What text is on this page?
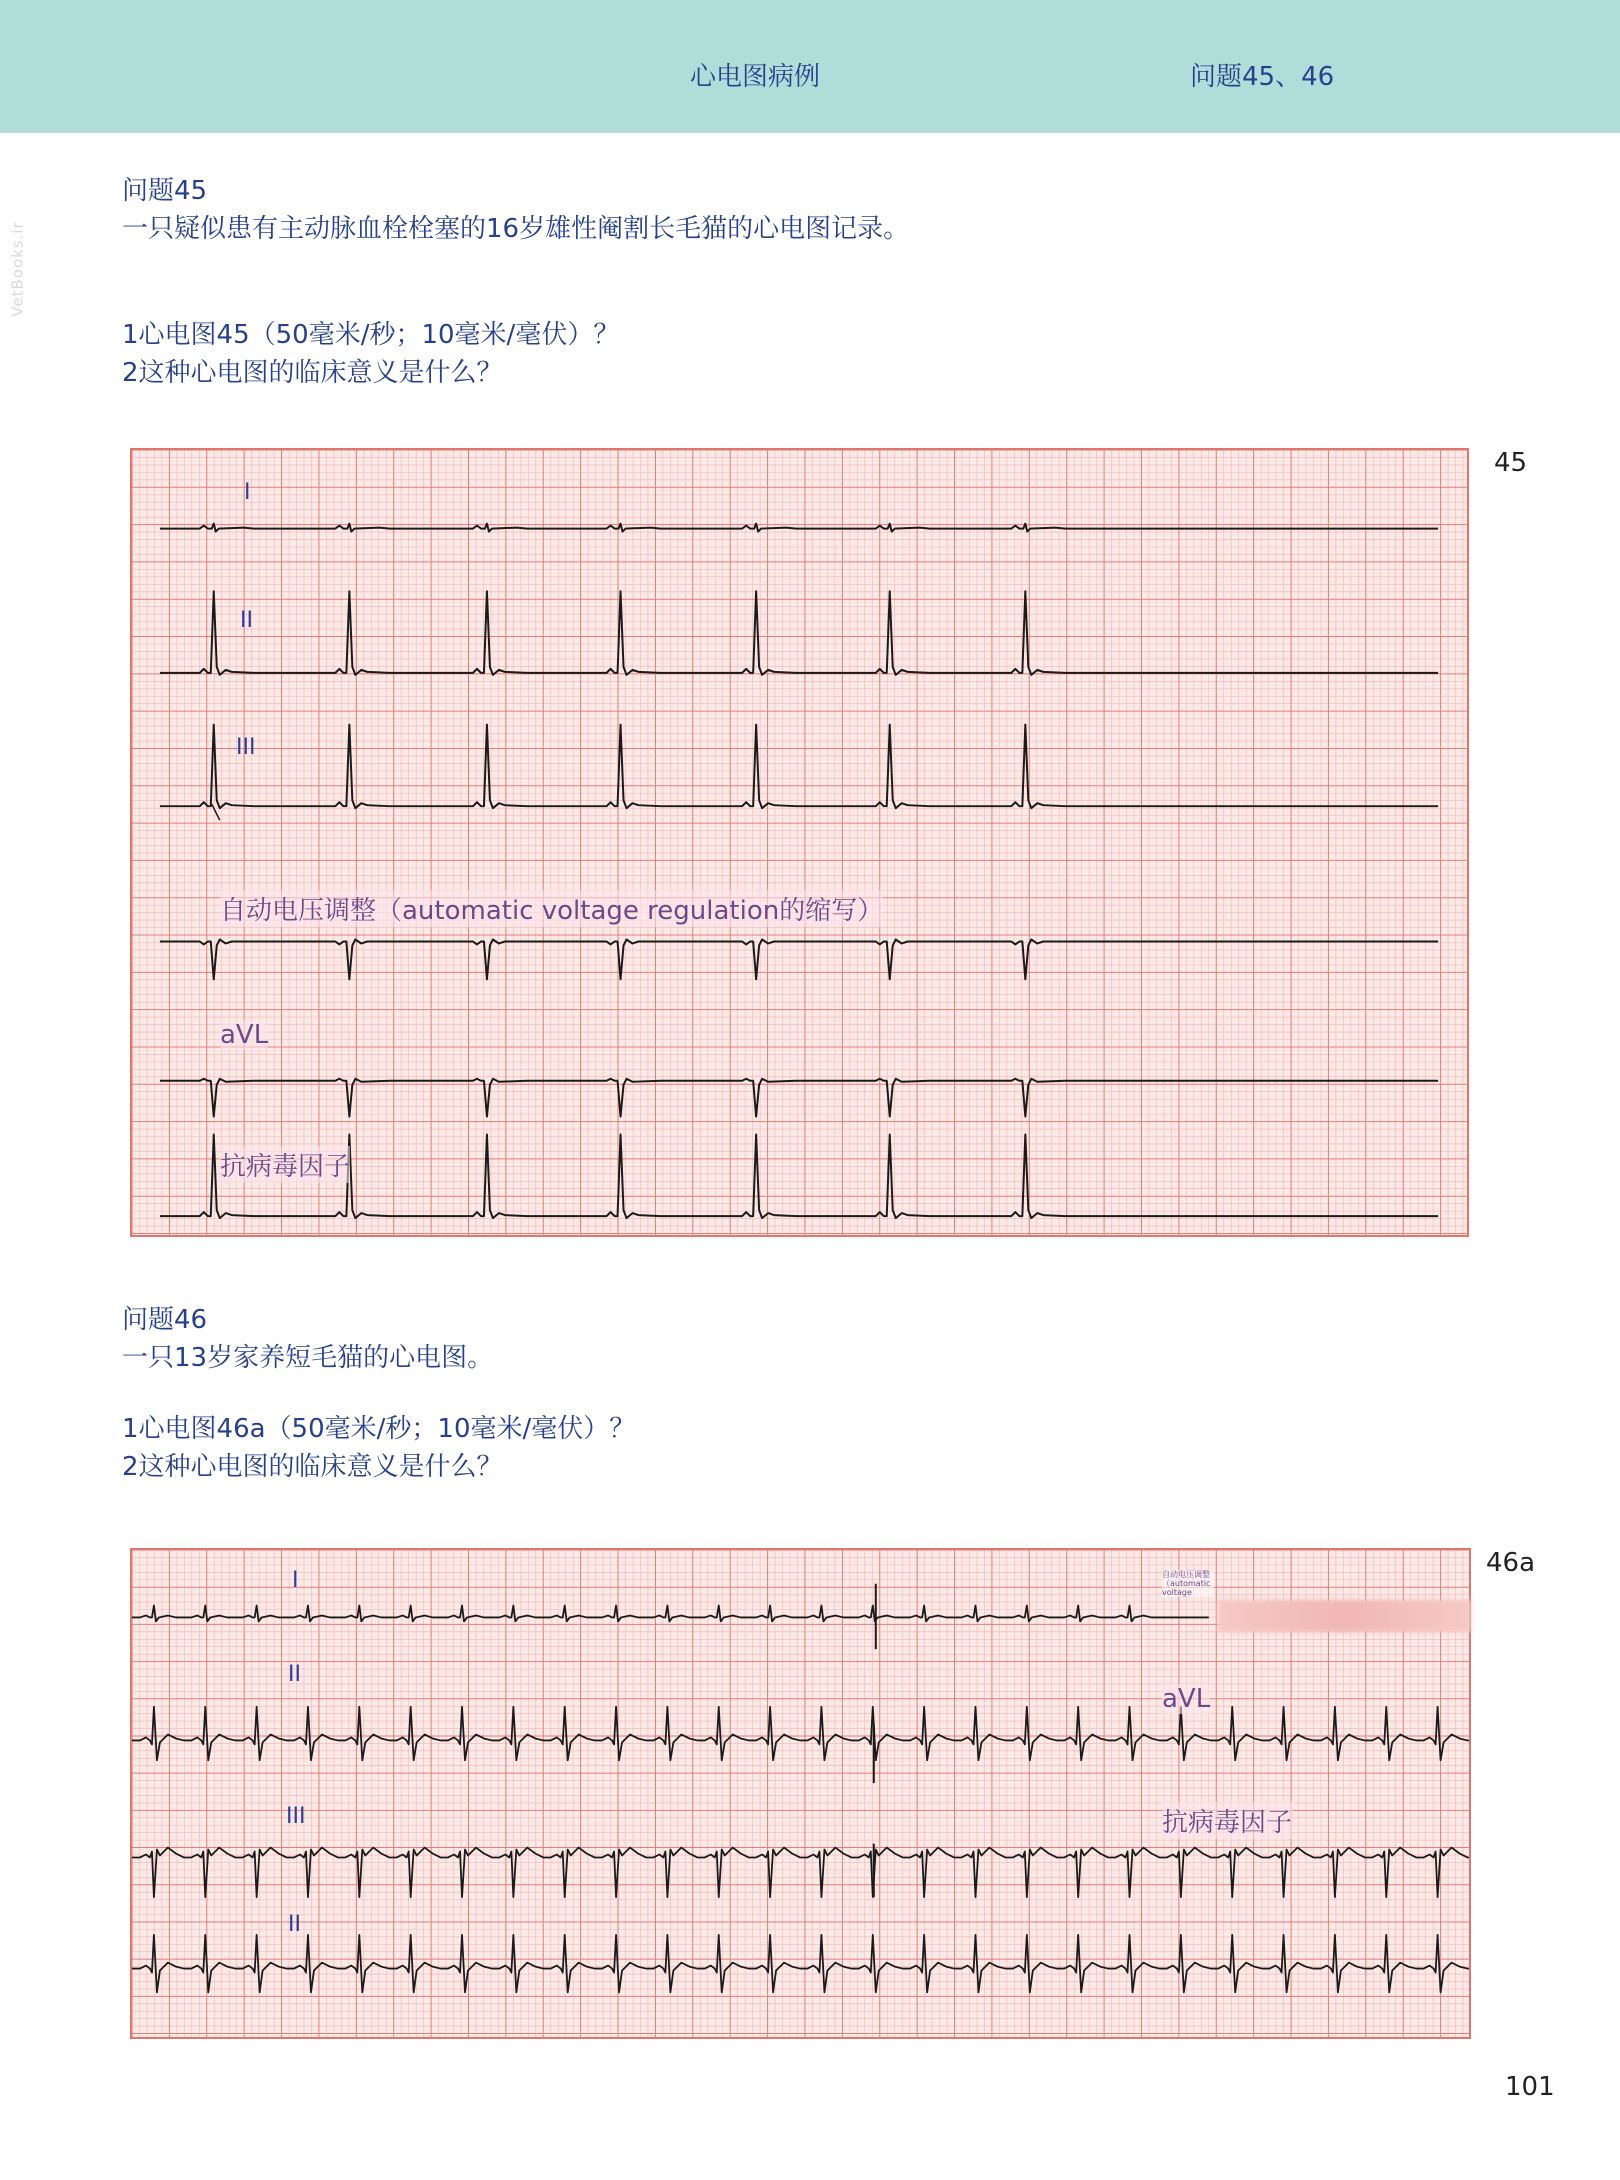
心电图病例	问题45、46
VetBooks.ir
问题45
一只疑似患有主动脉血栓栓塞的16岁雄性阉割长毛猫的心电图记录。
1心电图45（50毫米/秒；10毫米/毫伏）？
2这种心电图的临床意义是什么？
45
I
II
III
自动电压调整（automatic voltage regulation的缩写）
aVL
抗病毒因子
问题46
一只13岁家养短毛猫的心电图。
1心电图46a（50毫米/秒；10毫米/毫伏）？
2这种心电图的临床意义是什么？
46a
I
II
III
II
自动电压调整（automatic voltage
aVL
抗病毒因子
101
